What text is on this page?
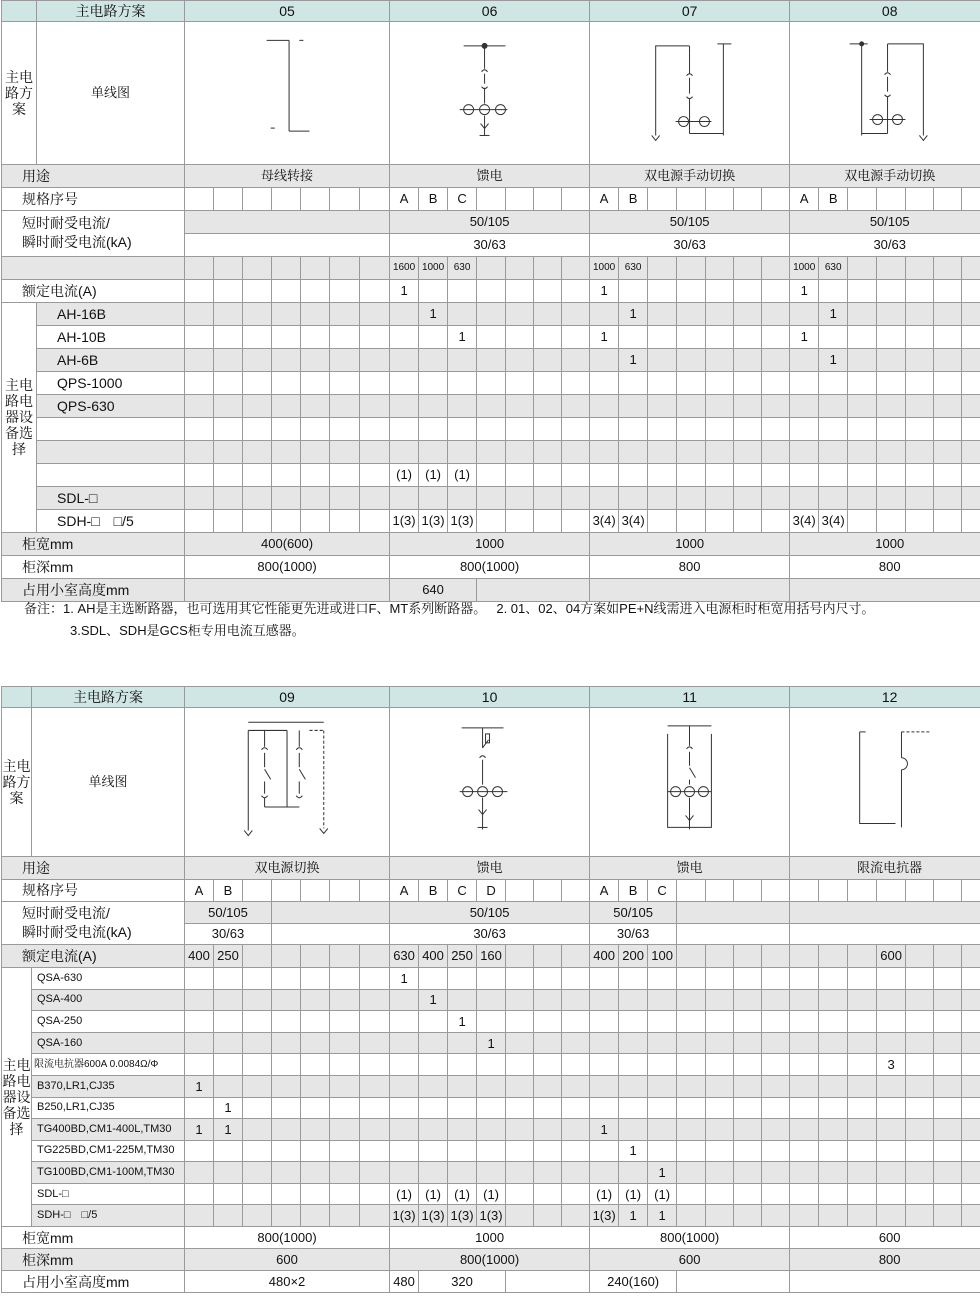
	主电路方案	05							06							07							08						
主电路方案	单线图	

用途		母线转接							馈电							双电源手动切换							双电源手动切换						
规格序号									A	B	C					A	B						A	B					
短时耐受电流/
瞬时耐受电流(kA)									50/105							50/105							50/105						
									30/63							30/63							30/63						
									1600	1000	630					1000	630						1000	630					
额定电流(A)									1							1							1						
主电路电器设备选择	AH-16B									1							1							1					
	AH-10B										1					1							1						
	AH-6B																1							1					
	QPS-1000																												
	QPS-630																												

									(1)	(1)	(1)																		
	SDL-□																												
	SDH-□　□/5								1(3)	1(3)	1(3)					3(4)	3(4)						3(4)	3(4)					
柜宽mm		400(600)							1000							1000							1000						
柜深mm		800(1000)							800(1000)							800							800						
占用小室高度mm									640																				
备注：1. AH是主选断路器，也可选用其它性能更先进或进口F、MT系列断路器。　 2. 01、02、04方案如PE+N线需进入电源柜时柜宽用括号内尺寸。
3.SDL、SDH是GCS柜专用电流互感器。
	主电路方案	09							10							11							12						
主电路方案	单线图	

用途		双电源切换							馈电							馈电							限流电抗器						
规格序号		A	B						A	B	C	D				A	B	C											
短时耐受电流/
瞬时耐受电流(kA)		50/105							50/105							50/105													
		30/63							30/63							30/63													
额定电流(A)		400	250						630	400	250	160				400	200	100								600			
主电路电器设备选择	QSA-630								1																				
	QSA-400									1																			
	QSA-250										1																		
	QSA-160											1																	
	限流电抗器600A 0.0084Ω/Φ																									3			
	B370,LR1,CJ35	1																											
	B250,LR1,CJ35		1																										
	TG400BD,CM1-400L,TM30	1	1													1													
	TG225BD,CM1-225M,TM30																1												
	TG100BD,CM1-100M,TM30																	1											
	SDL-□								(1)	(1)	(1)	(1)				(1)	(1)	(1)											
	SDH-□　□/5								1(3)	1(3)	1(3)	1(3)				1(3)	1	1											
柜宽mm		800(1000)							1000							800(1000)							600						
柜深mm		600							800(1000)							600							800						
占用小室高度mm		480×2							480	320						240(160)													
